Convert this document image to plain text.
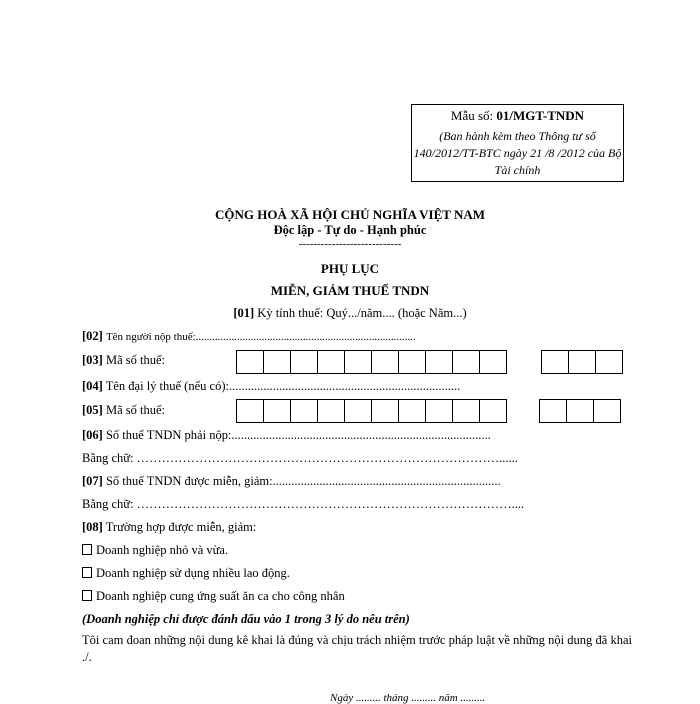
Mẫu số: 01/MGT-TNDN
(Ban hành kèm theo Thông tư số 140/2012/TT-BTC ngày 21 /8 /2012 của Bộ Tài chính
CỘNG HOÀ XÃ HỘI CHỦ NGHĨA VIỆT NAM
Độc lập - Tự do - Hạnh phúc
----------------------------
PHỤ LỤC
MIỄN, GIẢM THUẾ TNDN
[01] Kỳ tính thuế: Quý.../năm.... (hoặc Năm...)
[02] Tên người nộp thuế:................................................................................
[03] Mã số thuế:
[04] Tên đại lý thuế (nếu có):..........................................................................
[05] Mã số thuế:
[06] Số thuế TNDN phải nộp:...................................................................................
Bằng chữ: ……………………………………………………………………………......
[07] Số thuế TNDN được miễn, giảm:.........................................................................
Bằng chữ: ………………………………………………………………………………....
[08] Trường hợp được miễn, giảm:
Doanh nghiệp nhỏ và vừa.
Doanh nghiệp sử dụng nhiều lao động.
Doanh nghiệp cung ứng suất ăn ca cho công nhân
(Doanh nghiệp chỉ được đánh dấu vào 1 trong 3 lý do nêu trên)
Tôi cam đoan những nội dung kê khai là đúng và chịu trách nhiệm trước pháp luật về những nội dung đã khai ./.
Ngày ......... tháng ......... năm .........
